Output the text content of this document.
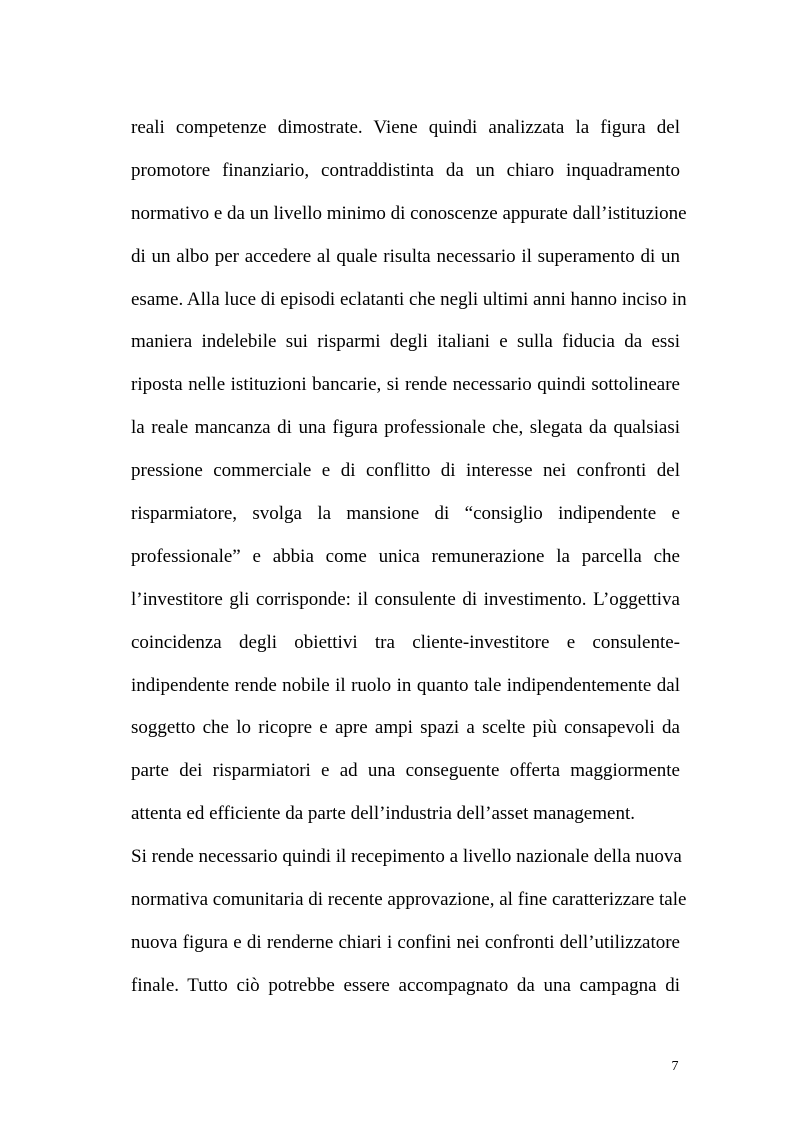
reali competenze dimostrate. Viene quindi analizzata la figura del
promotore finanziario, contraddistinta da un chiaro inquadramento
normativo e da un livello minimo di conoscenze appurate dall’istituzione
di un albo per accedere al quale risulta necessario il superamento di un
esame. Alla luce di episodi eclatanti che negli ultimi anni hanno inciso in
maniera indelebile sui risparmi degli italiani e sulla fiducia da essi
riposta nelle istituzioni bancarie, si rende necessario quindi sottolineare
la reale mancanza di una figura professionale che, slegata da qualsiasi
pressione commerciale e di conflitto di interesse nei confronti del
risparmiatore, svolga la mansione di “consiglio indipendente e
professionale” e abbia come unica remunerazione la parcella che
l’investitore gli corrisponde: il consulente di investimento. L’oggettiva
coincidenza degli obiettivi tra cliente-investitore e consulente-
indipendente rende nobile il ruolo in quanto tale indipendentemente dal
soggetto che lo ricopre e apre ampi spazi a scelte più consapevoli da
parte dei risparmiatori e ad una conseguente offerta maggiormente
attenta ed efficiente da parte dell’industria dell’asset management.

Si rende necessario quindi il recepimento a livello nazionale della nuova
normativa comunitaria di recente approvazione, al fine caratterizzare tale
nuova figura e di renderne chiari i confini nei confronti dell’utilizzatore
finale. Tutto ciò potrebbe essere accompagnato da una campagna di

7
